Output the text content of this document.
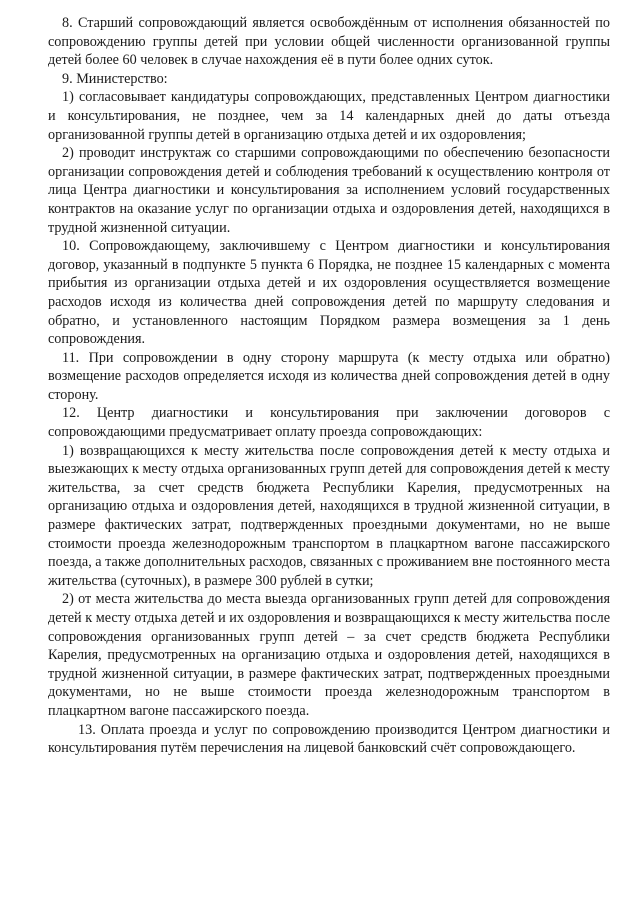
8. Старший сопровождающий является освобождённым от исполнения обязанностей по сопровождению группы детей при условии общей численности организованной группы детей более 60 человек в случае нахождения её в пути более одних суток.

9. Министерство:

1) согласовывает кандидатуры сопровождающих, представленных Центром диагностики и консультирования, не позднее, чем за 14 календарных дней до даты отъезда организованной группы детей в организацию отдыха детей и их оздоровления;

2) проводит инструктаж со старшими сопровождающими по обеспечению безопасности организации сопровождения детей и соблюдения требований к осуществлению контроля от лица Центра диагностики и консультирования за исполнением условий государственных контрактов на оказание услуг по организации отдыха и оздоровления детей, находящихся в трудной жизненной ситуации.

10. Сопровождающему, заключившему с Центром диагностики и консультирования договор, указанный в подпункте 5 пункта 6 Порядка, не позднее 15 календарных с момента прибытия из организации отдыха детей и их оздоровления осуществляется возмещение расходов исходя из количества дней сопровождения детей по маршруту следования и обратно, и установленного настоящим Порядком размера возмещения за 1 день сопровождения.

11. При сопровождении в одну сторону маршрута (к месту отдыха или обратно) возмещение расходов определяется исходя из количества дней сопровождения детей в одну сторону.

12. Центр диагностики и консультирования при заключении договоров с сопровождающими предусматривает оплату проезда сопровождающих:

1) возвращающихся к месту жительства после сопровождения детей к месту отдыха и выезжающих к месту отдыха организованных групп детей для сопровождения детей к месту жительства, за счет средств бюджета Республики Карелия, предусмотренных на организацию отдыха и оздоровления детей, находящихся в трудной жизненной ситуации, в размере фактических затрат, подтвержденных проездными документами, но не выше стоимости проезда железнодорожным транспортом в плацкартном вагоне пассажирского поезда, а также дополнительных расходов, связанных с проживанием вне постоянного места жительства (суточных), в размере 300 рублей в сутки;

2) от места жительства до места выезда организованных групп детей для сопровождения детей к месту отдыха детей и их оздоровления и возвращающихся к месту жительства после сопровождения организованных групп детей – за счет средств бюджета Республики Карелия, предусмотренных на организацию отдыха и оздоровления детей, находящихся в трудной жизненной ситуации, в размере фактических затрат, подтвержденных проездными документами, но не выше стоимости проезда железнодорожным транспортом в плацкартном вагоне пассажирского поезда.

13. Оплата проезда и услуг по сопровождению производится Центром диагностики и консультирования путём перечисления на лицевой банковский счёт сопровождающего.
